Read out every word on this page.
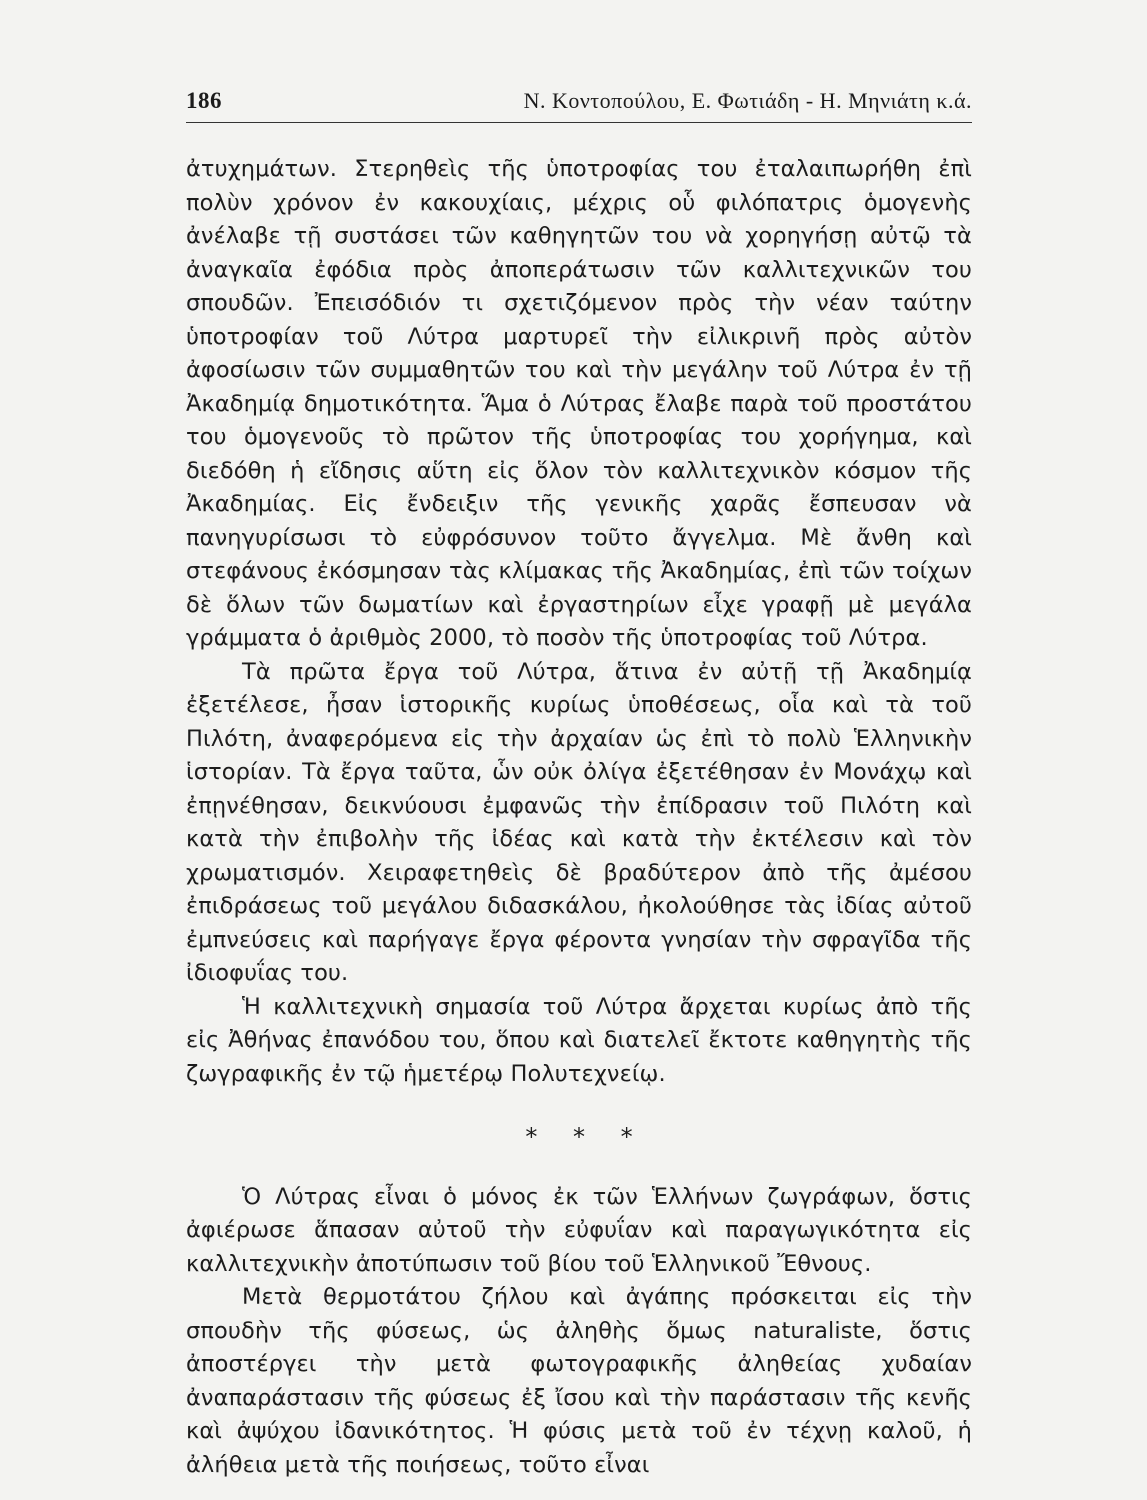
186	Ν. Κοντοπούλου, Ε. Φωτιάδη - Η. Μηνιάτη κ.ά.

ἀτυχημάτων. Στερηθεὶς τῆς ὑποτροφίας του ἐταλαιπωρήθη ἐπὶ πολὺν χρόνον ἐν κακουχίαις, μέχρις οὗ φιλόπατρις ὁμογενὴς ἀνέλαβε τῇ συστάσει τῶν καθηγητῶν του νὰ χορηγήσῃ αὐτῷ τὰ ἀναγκαῖα ἐφόδια πρὸς ἀποπεράτωσιν τῶν καλλιτεχνικῶν του σπουδῶν. Ἐπεισόδιόν τι σχετιζόμενον πρὸς τὴν νέαν ταύτην ὑποτροφίαν τοῦ Λύτρα μαρτυρεῖ τὴν εἰλικρινῆ πρὸς αὐτὸν ἀφοσίωσιν τῶν συμμαθητῶν του καὶ τὴν μεγάλην τοῦ Λύτρα ἐν τῇ Ἀκαδημίᾳ δημοτικότητα. Ἅμα ὁ Λύτρας ἔλαβε παρὰ τοῦ προστάτου του ὁμογενοῦς τὸ πρῶτον τῆς ὑποτροφίας του χορήγημα, καὶ διεδόθη ἡ εἴδησις αὕτη εἰς ὅλον τὸν καλλιτεχνικὸν κόσμον τῆς Ἀκαδημίας. Εἰς ἔνδειξιν τῆς γενικῆς χαρᾶς ἔσπευσαν νὰ πανηγυρίσωσι τὸ εὐφρόσυνον τοῦτο ἄγγελμα. Μὲ ἄνθη καὶ στεφάνους ἐκόσμησαν τὰς κλίμακας τῆς Ἀκαδημίας, ἐπὶ τῶν τοίχων δὲ ὅλων τῶν δωματίων καὶ ἐργαστηρίων εἶχε γραφῇ μὲ μεγάλα γράμματα ὁ ἀριθμὸς 2000, τὸ ποσὸν τῆς ὑποτροφίας τοῦ Λύτρα.

Τὰ πρῶτα ἔργα τοῦ Λύτρα, ἅτινα ἐν αὐτῇ τῇ Ἀκαδημίᾳ ἐξετέλεσε, ἦσαν ἱστορικῆς κυρίως ὑποθέσεως, οἷα καὶ τὰ τοῦ Πιλότη, ἀναφερόμενα εἰς τὴν ἀρχαίαν ὡς ἐπὶ τὸ πολὺ Ἑλληνικὴν ἱστορίαν. Τὰ ἔργα ταῦτα, ὧν οὐκ ὀλίγα ἐξετέθησαν ἐν Μονάχῳ καὶ ἐπῃνέθησαν, δεικνύουσι ἐμφανῶς τὴν ἐπίδρασιν τοῦ Πιλότη καὶ κατὰ τὴν ἐπιβολὴν τῆς ἰδέας καὶ κατὰ τὴν ἐκτέλεσιν καὶ τὸν χρωματισμόν. Χειραφετηθεὶς δὲ βραδύτερον ἀπὸ τῆς ἀμέσου ἐπιδράσεως τοῦ μεγάλου διδασκάλου, ἠκολούθησε τὰς ἰδίας αὐτοῦ ἐμπνεύσεις καὶ παρήγαγε ἔργα φέροντα γνησίαν τὴν σφραγῖδα τῆς ἰδιοφυΐας του.

Ἡ καλλιτεχνικὴ σημασία τοῦ Λύτρα ἄρχεται κυρίως ἀπὸ τῆς εἰς Ἀθήνας ἐπανόδου του, ὅπου καὶ διατελεῖ ἔκτοτε καθηγητὴς τῆς ζωγραφικῆς ἐν τῷ ἡμετέρῳ Πολυτεχνείῳ.

* * *

Ὁ Λύτρας εἶναι ὁ μόνος ἐκ τῶν Ἑλλήνων ζωγράφων, ὅστις ἀφιέρωσε ἅπασαν αὐτοῦ τὴν εὐφυΐαν καὶ παραγωγικότητα εἰς καλλιτεχνικὴν ἀποτύπωσιν τοῦ βίου τοῦ Ἑλληνικοῦ Ἔθνους.

Μετὰ θερμοτάτου ζήλου καὶ ἀγάπης πρόσκειται εἰς τὴν σπουδὴν τῆς φύσεως, ὡς ἀληθὴς ὅμως naturaliste, ὅστις ἀποστέργει τὴν μετὰ φωτογραφικῆς ἀληθείας χυδαίαν ἀναπαράστασιν τῆς φύσεως ἐξ ἴσου καὶ τὴν παράστασιν τῆς κενῆς καὶ ἀψύχου ἰδανικότητος. Ἡ φύσις μετὰ τοῦ ἐν τέχνῃ καλοῦ, ἡ ἀλήθεια μετὰ τῆς ποιήσεως, τοῦτο εἶναι
